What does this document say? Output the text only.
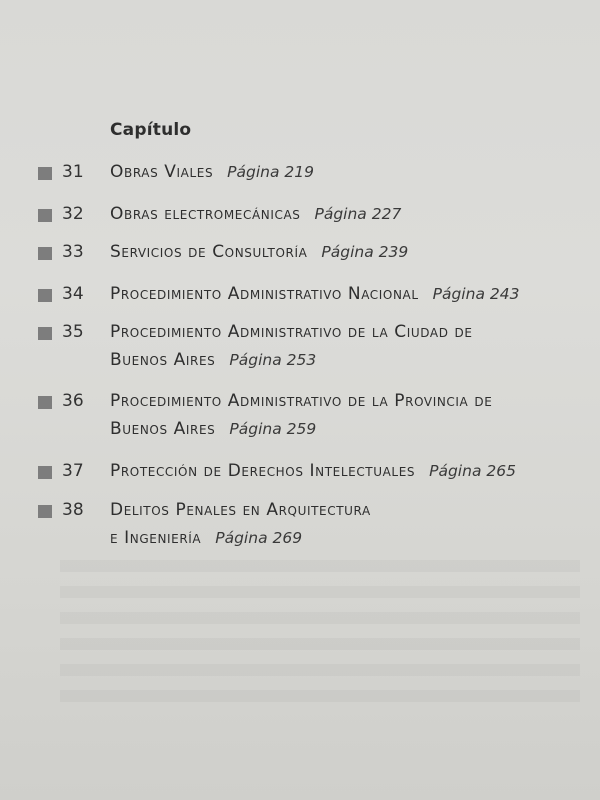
Capítulo
31	Obras Viales Página 219
32	Obras electromecánicas Página 227
33	Servicios de Consultoría Página 239
34	Procedimiento Administrativo Nacional Página 243
35	Procedimiento Administrativo de la Ciudad de
Buenos Aires Página 253
36	Procedimiento Administrativo de la Provincia de
Buenos Aires Página 259
37	Protección de Derechos Intelectuales Página 265
38	Delitos Penales en Arquitectura
e Ingeniería Página 269
